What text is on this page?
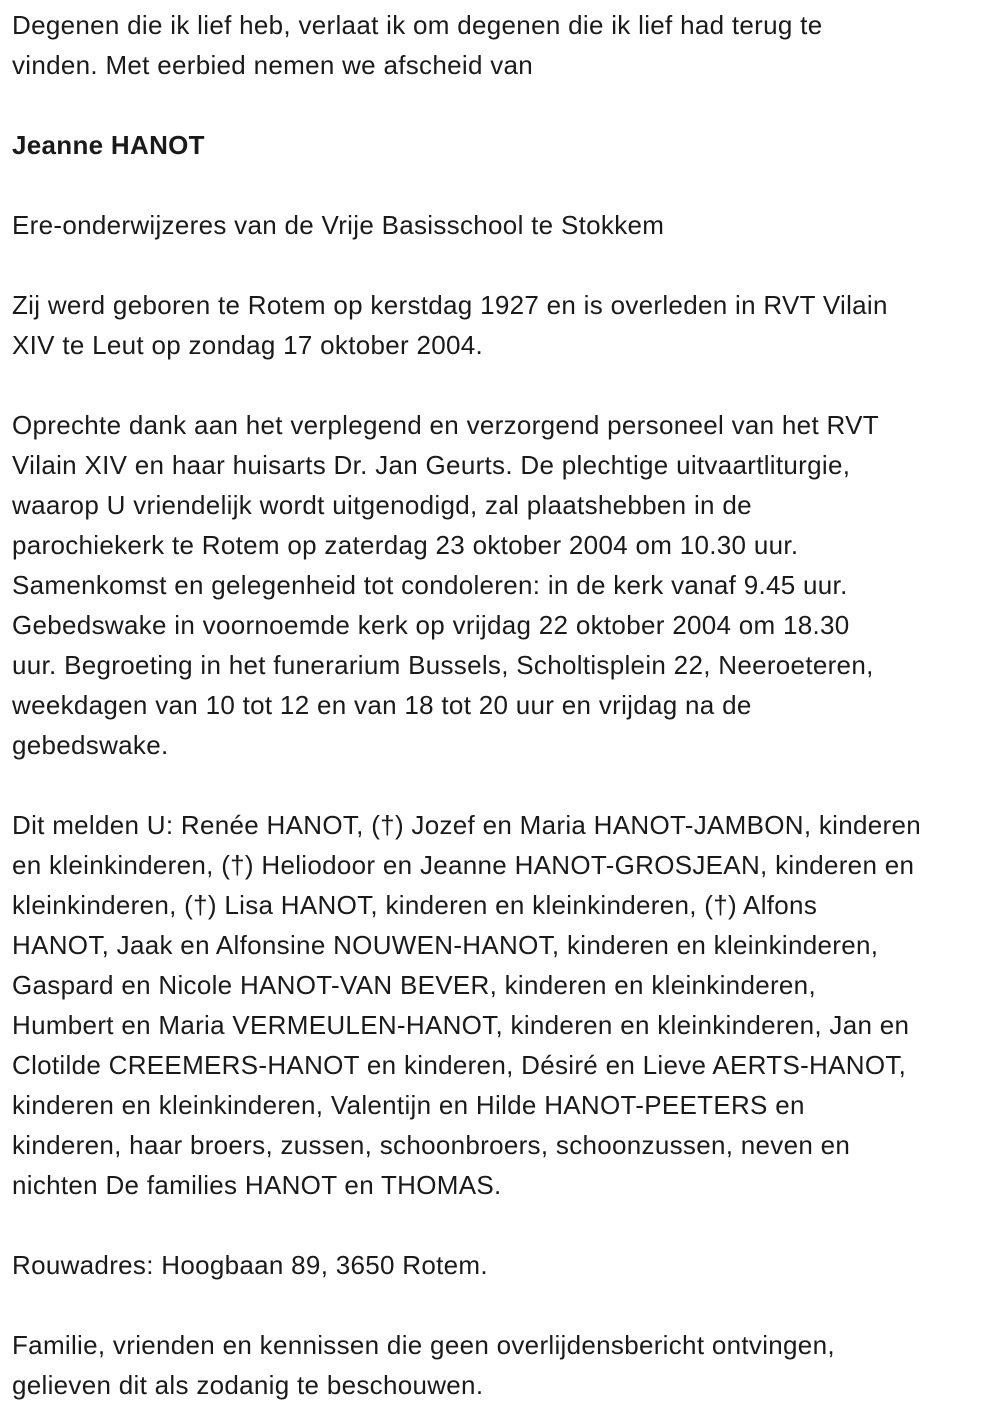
Degenen die ik lief heb, verlaat ik om degenen die ik lief had terug te
vinden. Met eerbied nemen we afscheid van
Jeanne HANOT
Ere-onderwijzeres van de Vrije Basisschool te Stokkem
Zij werd geboren te Rotem op kerstdag 1927 en is overleden in RVT Vilain
XIV te Leut op zondag 17 oktober 2004.
Oprechte dank aan het verplegend en verzorgend personeel van het RVT
Vilain XIV en haar huisarts Dr. Jan Geurts. De plechtige uitvaartliturgie,
waarop U vriendelijk wordt uitgenodigd, zal plaatshebben in de
parochiekerk te Rotem op zaterdag 23 oktober 2004 om 10.30 uur.
Samenkomst en gelegenheid tot condoleren: in de kerk vanaf 9.45 uur.
Gebedswake in voornoemde kerk op vrijdag 22 oktober 2004 om 18.30
uur. Begroeting in het funerarium Bussels, Scholtisplein 22, Neeroeteren,
weekdagen van 10 tot 12 en van 18 tot 20 uur en vrijdag na de
gebedswake.
Dit melden U: Renée HANOT, (†) Jozef en Maria HANOT-JAMBON, kinderen
en kleinkinderen, (†) Heliodoor en Jeanne HANOT-GROSJEAN, kinderen en
kleinkinderen, (†) Lisa HANOT, kinderen en kleinkinderen, (†) Alfons
HANOT, Jaak en Alfonsine NOUWEN-HANOT, kinderen en kleinkinderen,
Gaspard en Nicole HANOT-VAN BEVER, kinderen en kleinkinderen,
Humbert en Maria VERMEULEN-HANOT, kinderen en kleinkinderen, Jan en
Clotilde CREEMERS-HANOT en kinderen, Désiré en Lieve AERTS-HANOT,
kinderen en kleinkinderen, Valentijn en Hilde HANOT-PEETERS en
kinderen, haar broers, zussen, schoonbroers, schoonzussen, neven en
nichten De families HANOT en THOMAS.
Rouwadres: Hoogbaan 89, 3650 Rotem.
Familie, vrienden en kennissen die geen overlijdensbericht ontvingen,
gelieven dit als zodanig te beschouwen.
